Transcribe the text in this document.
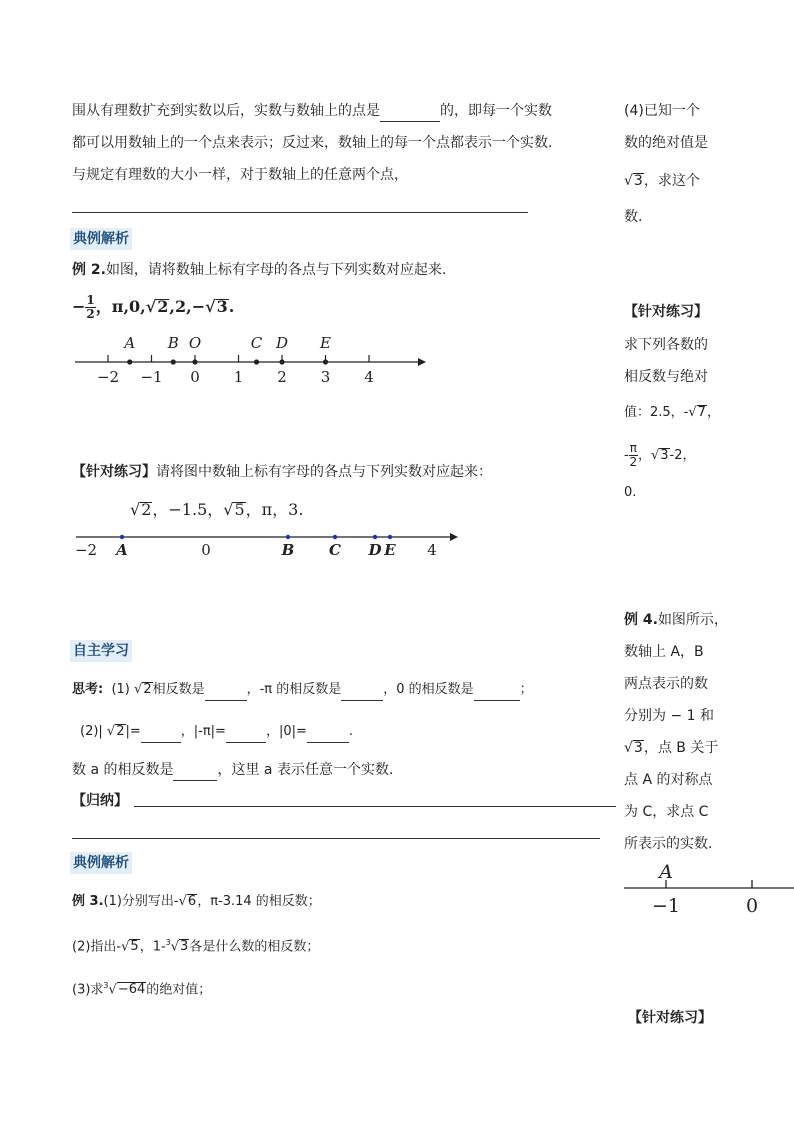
围从有理数扩充到实数以后，实数与数轴上的点是	的，即每一个实数
都可以用数轴上的一个点来表示；反过来，数轴上的每一个点都表示一个实数.
与规定有理数的大小一样，对于数轴上的任意两个点，
典例解析
例 2.如图，请将数轴上标有字母的各点与下列实数对应起来.
− $\frac{1}{2}$ ，π,0,√2,2,−√3.
−2 −1 0 1 2 3 4
A B O	C D E
【针对练习】请将图中数轴上标有字母的各点与下列实数对应起来：
√2，−1.5，√5，π，3.
−2	0	4
A	B C D E
自主学习
思考: (1) √2相反数是	，-π 的相反数是	，0 的相反数是	；
(2)| √2|=	，|-π|=	，|0|=	.
数 a 的相反数是	，这里 a 表示任意一个实数.
【归纳】
典例解析
例 3.(1)分别写出-√6，π-3.14 的相反数；
(2)指出-√5，1-$^3$√3各是什么数的相反数；
(3)求$^3$√−64的绝对值；
(4)已知一个
数的绝对值是
√3，求这个
数.
【针对练习】
求下列各数的
相反数与绝对
值：2.5，-√7，
- $\frac{\pi}{2}$ ，√3-2，
0.
例 4.如图所示，
数轴上 A，B
两点表示的数
分别为 − 1 和
√3，点 B 关于
点 A 的对称点
为 C，求点 C
所表示的实数.
−1	0
A
【针对练习】
